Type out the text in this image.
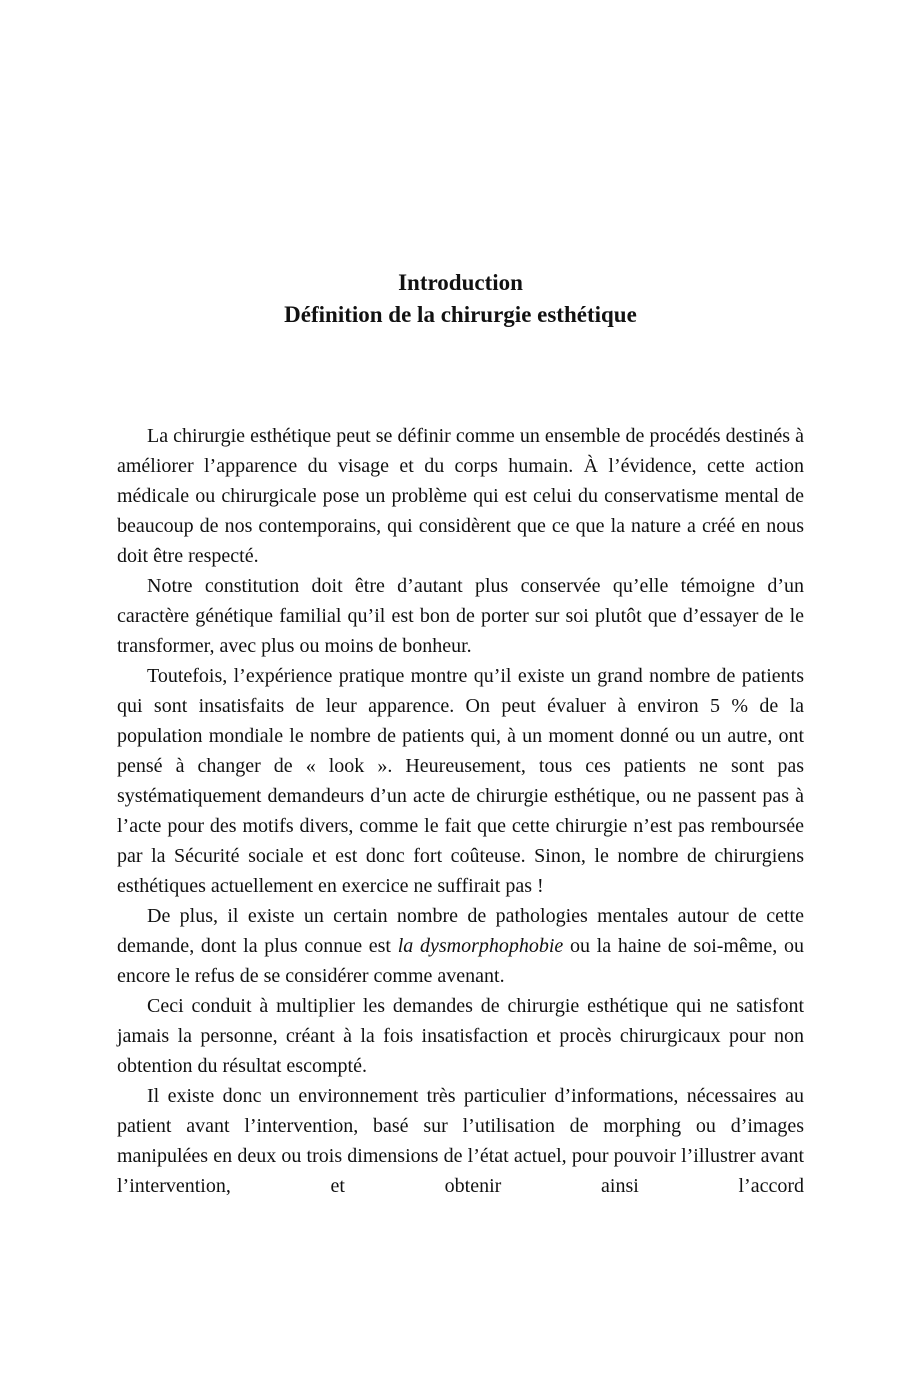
Introduction
Définition de la chirurgie esthétique

La chirurgie esthétique peut se définir comme un ensemble de procédés destinés à améliorer l’apparence du visage et du corps humain. À l’évidence, cette action médicale ou chirurgicale pose un problème qui est celui du conservatisme mental de beaucoup de nos contemporains, qui considèrent que ce que la nature a créé en nous doit être respecté.

Notre constitution doit être d’autant plus conservée qu’elle témoigne d’un caractère génétique familial qu’il est bon de porter sur soi plutôt que d’essayer de le transformer, avec plus ou moins de bonheur.

Toutefois, l’expérience pratique montre qu’il existe un grand nombre de patients qui sont insatisfaits de leur apparence. On peut évaluer à environ 5 % de la population mondiale le nombre de patients qui, à un moment donné ou un autre, ont pensé à changer de « look ». Heureusement, tous ces patients ne sont pas systématiquement demandeurs d’un acte de chirurgie esthétique, ou ne passent pas à l’acte pour des motifs divers, comme le fait que cette chirurgie n’est pas remboursée par la Sécurité sociale et est donc fort coûteuse. Sinon, le nombre de chirurgiens esthétiques actuellement en exercice ne suffirait pas !

De plus, il existe un certain nombre de pathologies mentales autour de cette demande, dont la plus connue est la dysmorphophobie ou la haine de soi-même, ou encore le refus de se considérer comme avenant.

Ceci conduit à multiplier les demandes de chirurgie esthétique qui ne satisfont jamais la personne, créant à la fois insatisfaction et procès chirurgicaux pour non obtention du résultat escompté.

Il existe donc un environnement très particulier d’informations, nécessaires au patient avant l’intervention, basé sur l’utilisation de morphing ou d’images manipulées en deux ou trois dimensions de l’état actuel, pour pouvoir l’illustrer avant l’intervention, et obtenir ainsi l’accord
